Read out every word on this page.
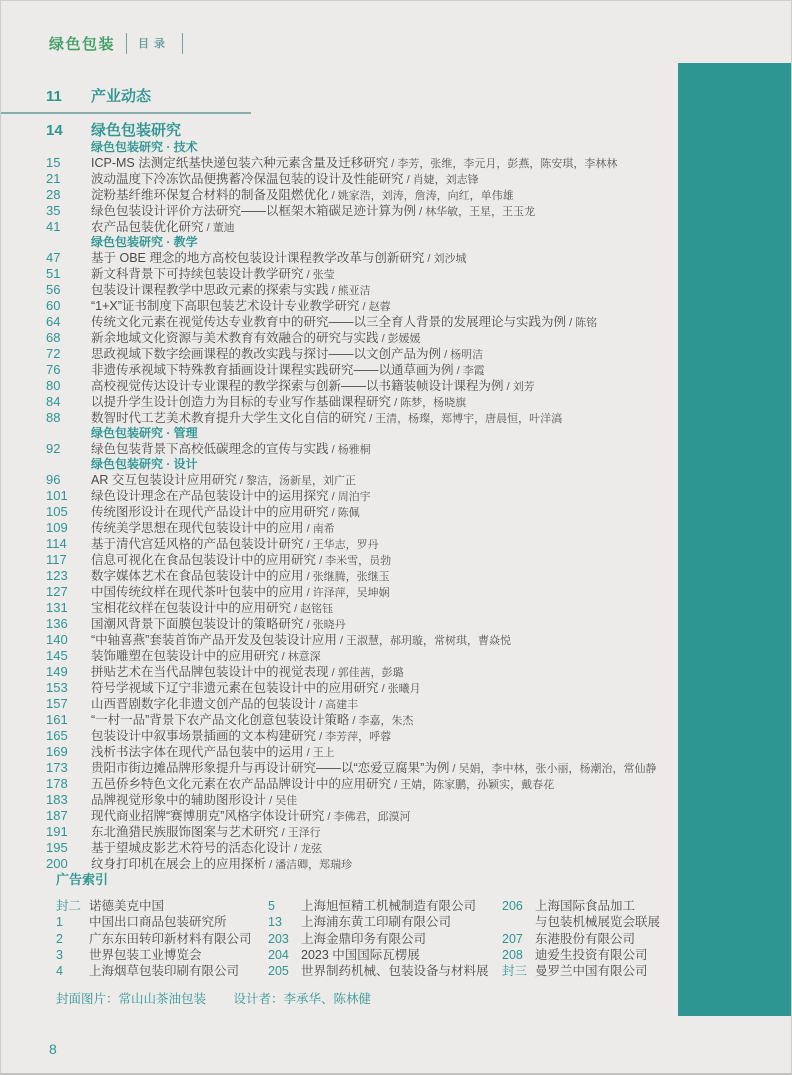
绿色包装 目录
11 产业动态
14 绿色包装研究
绿色包装研究 · 技术
15 ICP-MS 法测定纸基快递包装六种元素含量及迁移研究 / 李芳，张维，李元月，彭燕，陈安琪，李林林
21 波动温度下冷冻饮品便携蓄冷保温包装的设计及性能研究 / 肖婕，刘志锋
28 淀粉基纤维环保复合材料的制备及阻燃优化 / 姚家浩，刘涛，詹涛，向红，单伟雄
35 绿色包装设计评价方法研究——以框架木箱碳足迹计算为例 / 林华敏，王星，王玉龙
41 农产品包装优化研究 / 董迪
绿色包装研究 · 教学
47 基于 OBE 理念的地方高校包装设计课程教学改革与创新研究 / 刘沙城
51 新文科背景下可持续包装设计教学研究 / 张莹
56 包装设计课程教学中思政元素的探索与实践 / 熊亚洁
60 “1+X”证书制度下高职包装艺术设计专业教学研究 / 赵蓉
64 传统文化元素在视觉传达专业教育中的研究——以三全育人背景的发展理论与实践为例 / 陈铭
68 新余地域文化资源与美术教育有效融合的研究与实践 / 彭媛媛
72 思政视域下数字绘画课程的教改实践与探讨——以文创产品为例 / 杨明洁
76 非遗传承视域下特殊教育插画设计课程实践研究——以通草画为例 / 李霞
80 高校视觉传达设计专业课程的教学探索与创新——以书籍装帧设计课程为例 / 刘芳
84 以提升学生设计创造力为目标的专业写作基础课程研究 / 陈梦，杨晓旗
88 数智时代工艺美术教育提升大学生文化自信的研究 / 王清，杨璨，郑博宇，唐晨恒，叶洋滈
绿色包装研究 · 管理
92 绿色包装背景下高校低碳理念的宣传与实践 / 杨雅桐
绿色包装研究 · 设计
96 AR 交互包装设计应用研究 / 黎洁，汤新星，刘广正
101 绿色设计理念在产品包装设计中的运用探究 / 周泊宇
105 传统图形设计在现代产品设计中的应用研究 / 陈佩
109 传统美学思想在现代包装设计中的应用 / 南希
114 基于清代宫廷风格的产品包装设计研究 / 王华志，罗丹
117 信息可视化在食品包装设计中的应用研究 / 李米雪，员勃
123 数字媒体艺术在食品包装设计中的应用 / 张继腾，张继玉
127 中国传统纹样在现代茶叶包装中的应用 / 许泽萍，吴坤娴
131 宝相花纹样在包装设计中的应用研究 / 赵铭钰
136 国潮风背景下面膜包装设计的策略研究 / 张晓丹
140 “中轴喜燕”套装首饰产品开发及包装设计应用 / 王淑慧，郝玥璇，常树琪，曹焱悦
145 装饰雕塑在包装设计中的应用研究 / 林意深
149 拼贴艺术在当代品牌包装设计中的视觉表现 / 郭佳茜，彭璐
153 符号学视域下辽宁非遗元素在包装设计中的应用研究 / 张曦月
157 山西晋剧数字化非遗文创产品的包装设计 / 高建丰
161 “一村一品”背景下农产品文化创意包装设计策略 / 李嘉，朱杰
165 包装设计中叙事场景插画的文本构建研究 / 李芳萍，呼蓉
169 浅析书法字体在现代产品包装中的运用 / 王上
173 贵阳市街边摊品牌形象提升与再设计研究——以“恋爱豆腐果”为例 / 吴娟，李中林，张小丽，杨潮治，常仙静
178 五邑侨乡特色文化元素在农产品品牌设计中的应用研究 / 王婧，陈家鹏，孙颖实，戴春花
183 品牌视觉形象中的辅助图形设计 / 吴佳
187 现代商业招牌“赛博朋克”风格字体设计研究 / 李佛君，邱漠河
191 东北渔猎民族服饰图案与艺术研究 / 王泽行
195 基于望城皮影艺术符号的活态化设计 / 龙弦
200 纹身打印机在展会上的应用探析 / 潘洁卿，郑瑞珍
广告索引
封二 诺德美克中国
1 中国出口商品包装研究所
2 广东东田转印新材料有限公司
3 世界包装工业博览会
4 上海烟草包装印刷有限公司
5 上海旭恒精工机械制造有限公司
13 上海浦东黄工印刷有限公司
203 上海金鼎印务有限公司
204 2023 中国国际瓦楞展
205 世界制药机械、包装设备与材料展
206 上海国际食品加工
与包装机械展览会联展
207 东港股份有限公司
208 迪爱生投资有限公司
封三 曼罗兰中国有限公司
封面图片：常山山茶油包装 设计者：李承华、陈林健
8
